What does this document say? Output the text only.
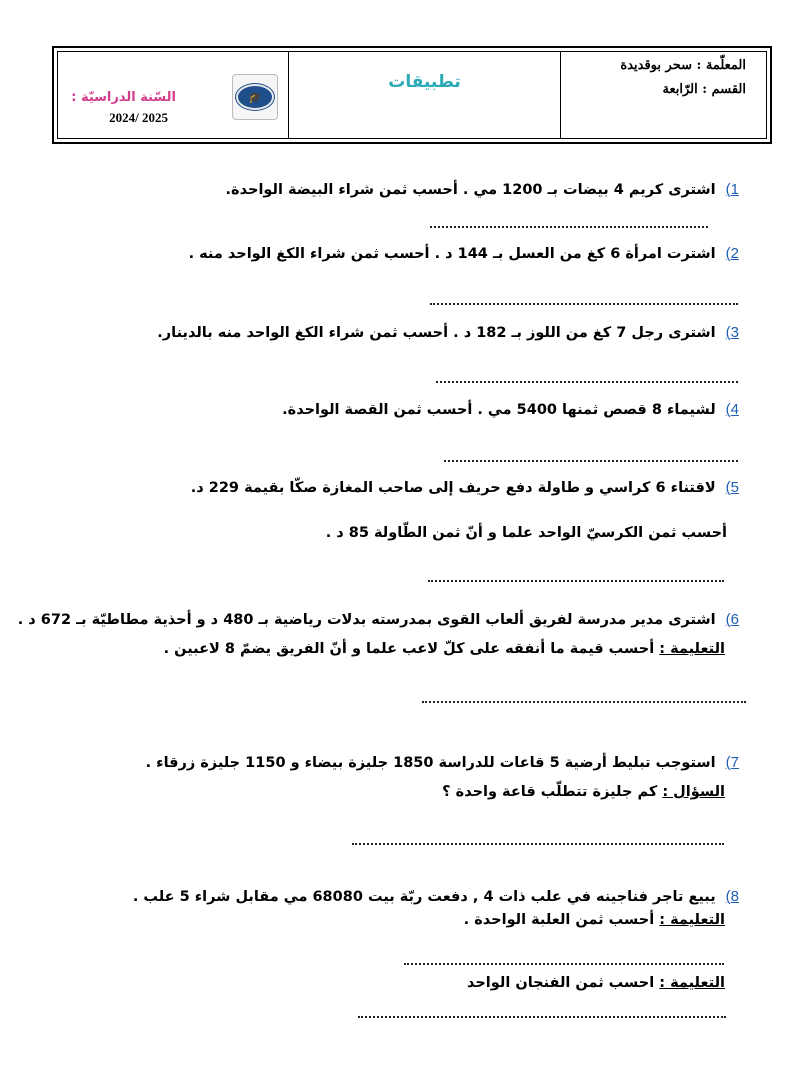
المعلّمة : سحر بوقديدة
القسم : الرّابعة
تطبيقات
🎓
السّنة الدراسيّة :
2024/ 2025
1)اشترى كريم 4 بيضات بـ 1200 مي . أحسب ثمن شراء البيضة الواحدة.
2)اشترت امرأة 6 كغ من العسل بـ 144 د . أحسب ثمن شراء الكغ الواحد منه .
3)اشترى رجل 7 كغ من اللوز بـ 182 د . أحسب ثمن شراء الكغ الواحد منه بالدينار.
4)لشيماء 8 قصص ثمنها 5400 مي . أحسب ثمن القصة الواحدة.
5)لاقتناء 6 كراسي و طاولة دفع حريف إلى صاحب المغازة صكّا بقيمة 229 د.
أحسب ثمن الكرسيّ الواحد علما و أنّ ثمن الطّاولة 85 د .
6)اشترى مدير مدرسة لفريق ألعاب القوى بمدرسته بدلات رياضية بـ 480 د و أحذية مطاطيّة بـ 672 د .
التعليمة : أحسب قيمة ما أنفقه على كلّ لاعب علما و أنّ الفريق يضمّ 8 لاعبين .
7)استوجب تبليط أرضية 5 قاعات للدراسة 1850 جليزة بيضاء و 1150 جليزة زرقاء .
السؤال : كم جليزة تتطلّب قاعة واحدة ؟
8)يبيع تاجر فناجينه في علب ذات 4 , دفعت ربّة بيت 68080 مي مقابل شراء 5 علب .
التعليمة : أحسب ثمن العلبة الواحدة .
التعليمة : احسب ثمن الفنجان الواحد
